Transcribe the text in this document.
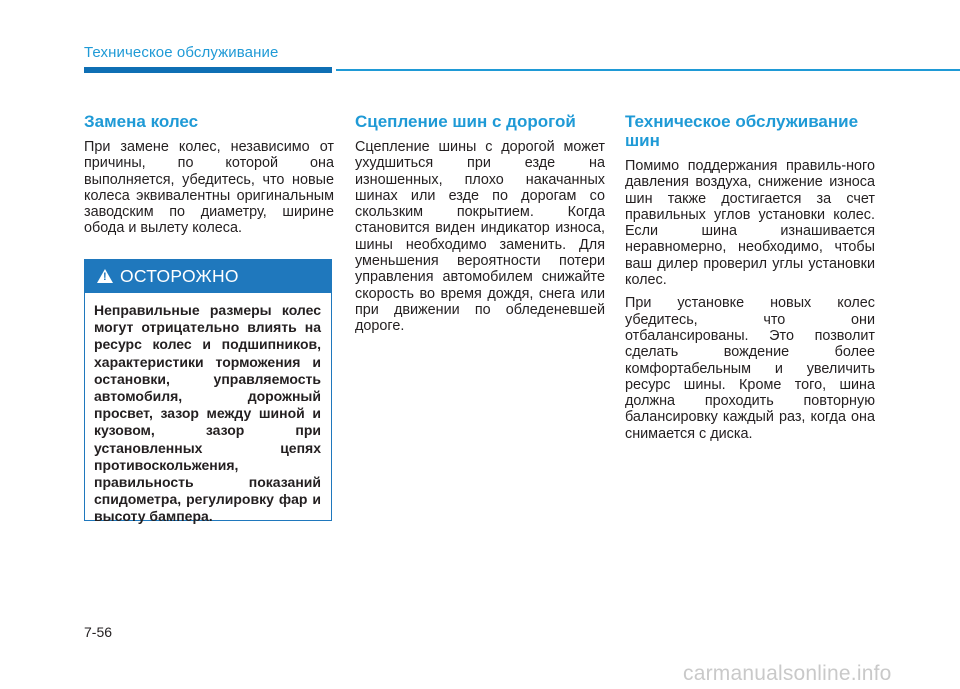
Техническое обслуживание
Замена колес

При замене колес, независимо от причины, по которой она выполняется, убедитесь, что новые колеса эквивалентны оригинальным заводским по диаметру, ширине обода и вылету колеса.

!
ОСТОРОЖНО
Неправильные размеры колес могут отрицательно влиять на ресурс колес и подшипников, характеристики торможения и остановки, управляемость автомобиля, дорожный просвет, зазор между шиной и кузовом, зазор при установленных цепях противоскольжения, правильность показаний спидометра, регулировку фар и высоту бампера.
Сцепление шин с дорогой

Сцепление шины с дорогой может ухудшиться при езде на изношенных, плохо накачанных шинах или езде по дорогам со скользким покрытием. Когда становится виден индикатор износа, шины необходимо заменить. Для уменьшения вероятности потери управления автомобилем снижайте скорость во время дождя, снега или при движении по обледеневшей дороге.

Техническое обслуживание шин

Помимо поддержания правиль-ного давления воздуха, снижение износа шин также достигается за счет правильных углов установки колес. Если шина изнашивается неравномерно, необходимо, чтобы ваш дилер проверил углы установки колес.

При установке новых колес убедитесь, что они отбалансированы. Это позволит сделать вождение более комфортабельным и увеличить ресурс шины. Кроме того, шина должна проходить повторную балансировку каждый раз, когда она снимается с диска.

7-56
carmanualsonline.info
